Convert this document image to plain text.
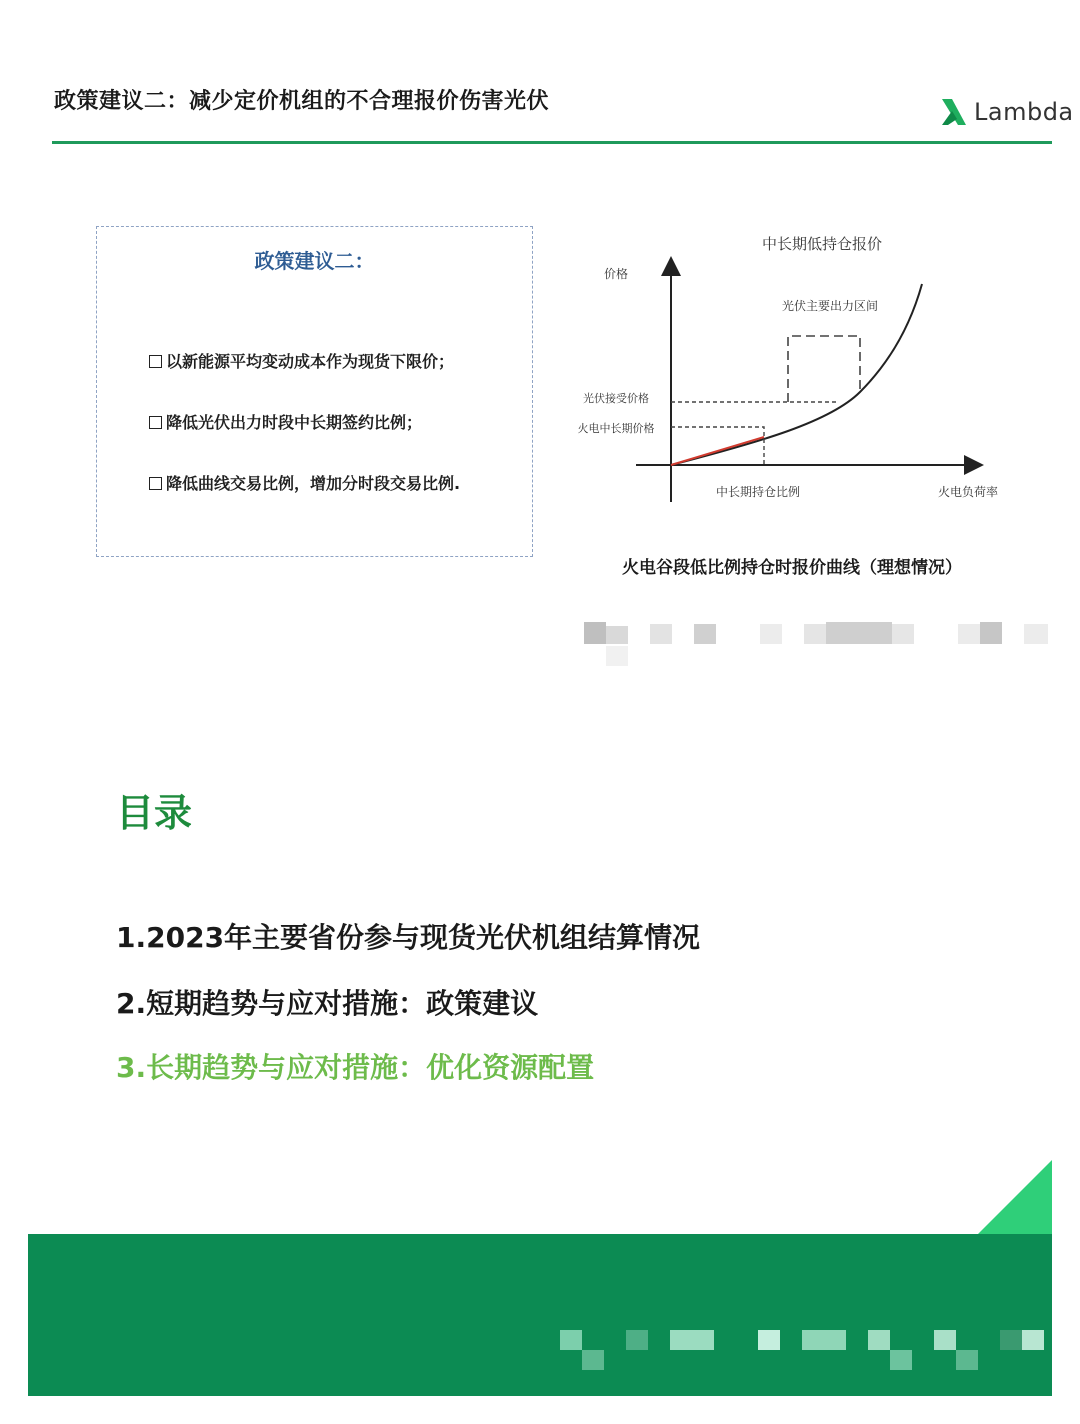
政策建议二：减少定价机组的不合理报价伤害光伏	Lambda
政策建议二：
以新能源平均变动成本作为现货下限价；
降低光伏出力时段中长期签约比例；
降低曲线交易比例，增加分时段交易比例.
中长期低持仓报价
价格
火电负荷率
光伏主要出力区间
光伏接受价格
火电中长期价格
中长期持仓比例
火电谷段低比例持仓时报价曲线（理想情况）
目录
1.2023年主要省份参与现货光伏机组结算情况
2.短期趋势与应对措施：政策建议
3.长期趋势与应对措施：优化资源配置
